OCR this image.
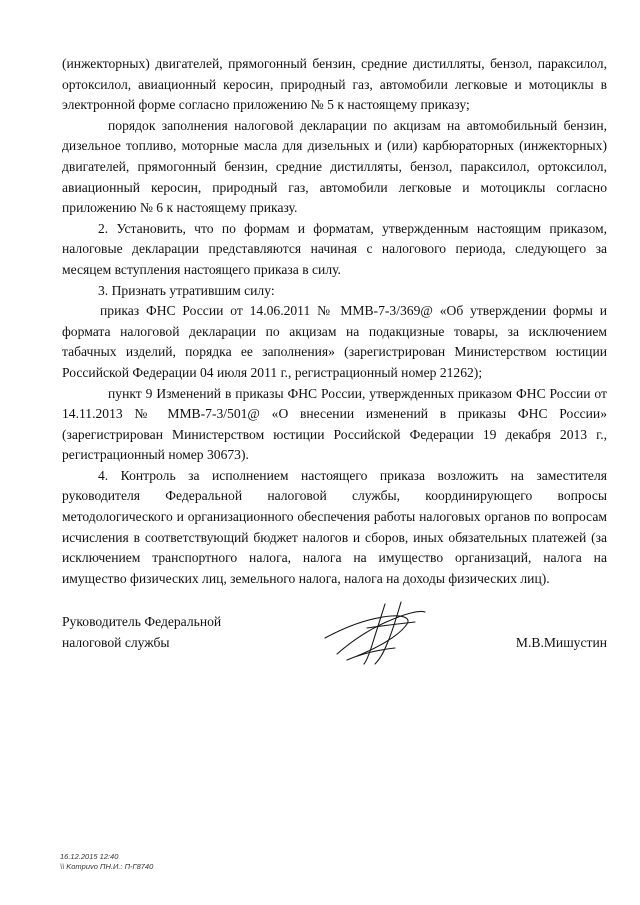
(инжекторных) двигателей, прямогонный бензин, средние дистилляты, бензол, параксилол, ортоксилол, авиационный керосин, природный газ, автомобили легковые и мотоциклы в электронной форме согласно приложению № 5 к настоящему приказу;

порядок заполнения налоговой декларации по акцизам на автомобильный бензин, дизельное топливо, моторные масла для дизельных и (или) карбюраторных (инжекторных) двигателей, прямогонный бензин, средние дистилляты, бензол, параксилол, ортоксилол, авиационный керосин, природный газ, автомобили легковые и мотоциклы согласно приложению № 6 к настоящему приказу.

2. Установить, что по формам и форматам, утвержденным настоящим приказом, налоговые декларации представляются начиная с налогового периода, следующего за месяцем вступления настоящего приказа в силу.

3. Признать утратившим силу:

приказ ФНС России от 14.06.2011 № ММВ-7-3/369@ «Об утверждении формы и формата налоговой декларации по акцизам на подакцизные товары, за исключением табачных изделий, порядка ее заполнения» (зарегистрирован Министерством юстиции Российской Федерации 04 июля 2011 г., регистрационный номер 21262);

пункт 9 Изменений в приказы ФНС России, утвержденных приказом ФНС России от 14.11.2013 № ММВ-7-3/501@ «О внесении изменений в приказы ФНС России» (зарегистрирован Министерством юстиции Российской Федерации 19 декабря 2013 г., регистрационный номер 30673).

4. Контроль за исполнением настоящего приказа возложить на заместителя руководителя Федеральной налоговой службы, координирующего вопросы методологического и организационного обеспечения работы налоговых органов по вопросам исчисления в соответствующий бюджет налогов и сборов, иных обязательных платежей (за исключением транспортного налога, налога на имущество организаций, налога на имущество физических лиц, земельного налога, налога на доходы физических лиц).

Руководитель Федеральной
налоговой службы	М.В.Мишустин
16.12.2015 12:40
\\ Kompuvo ПН.И.: П-Г8740
